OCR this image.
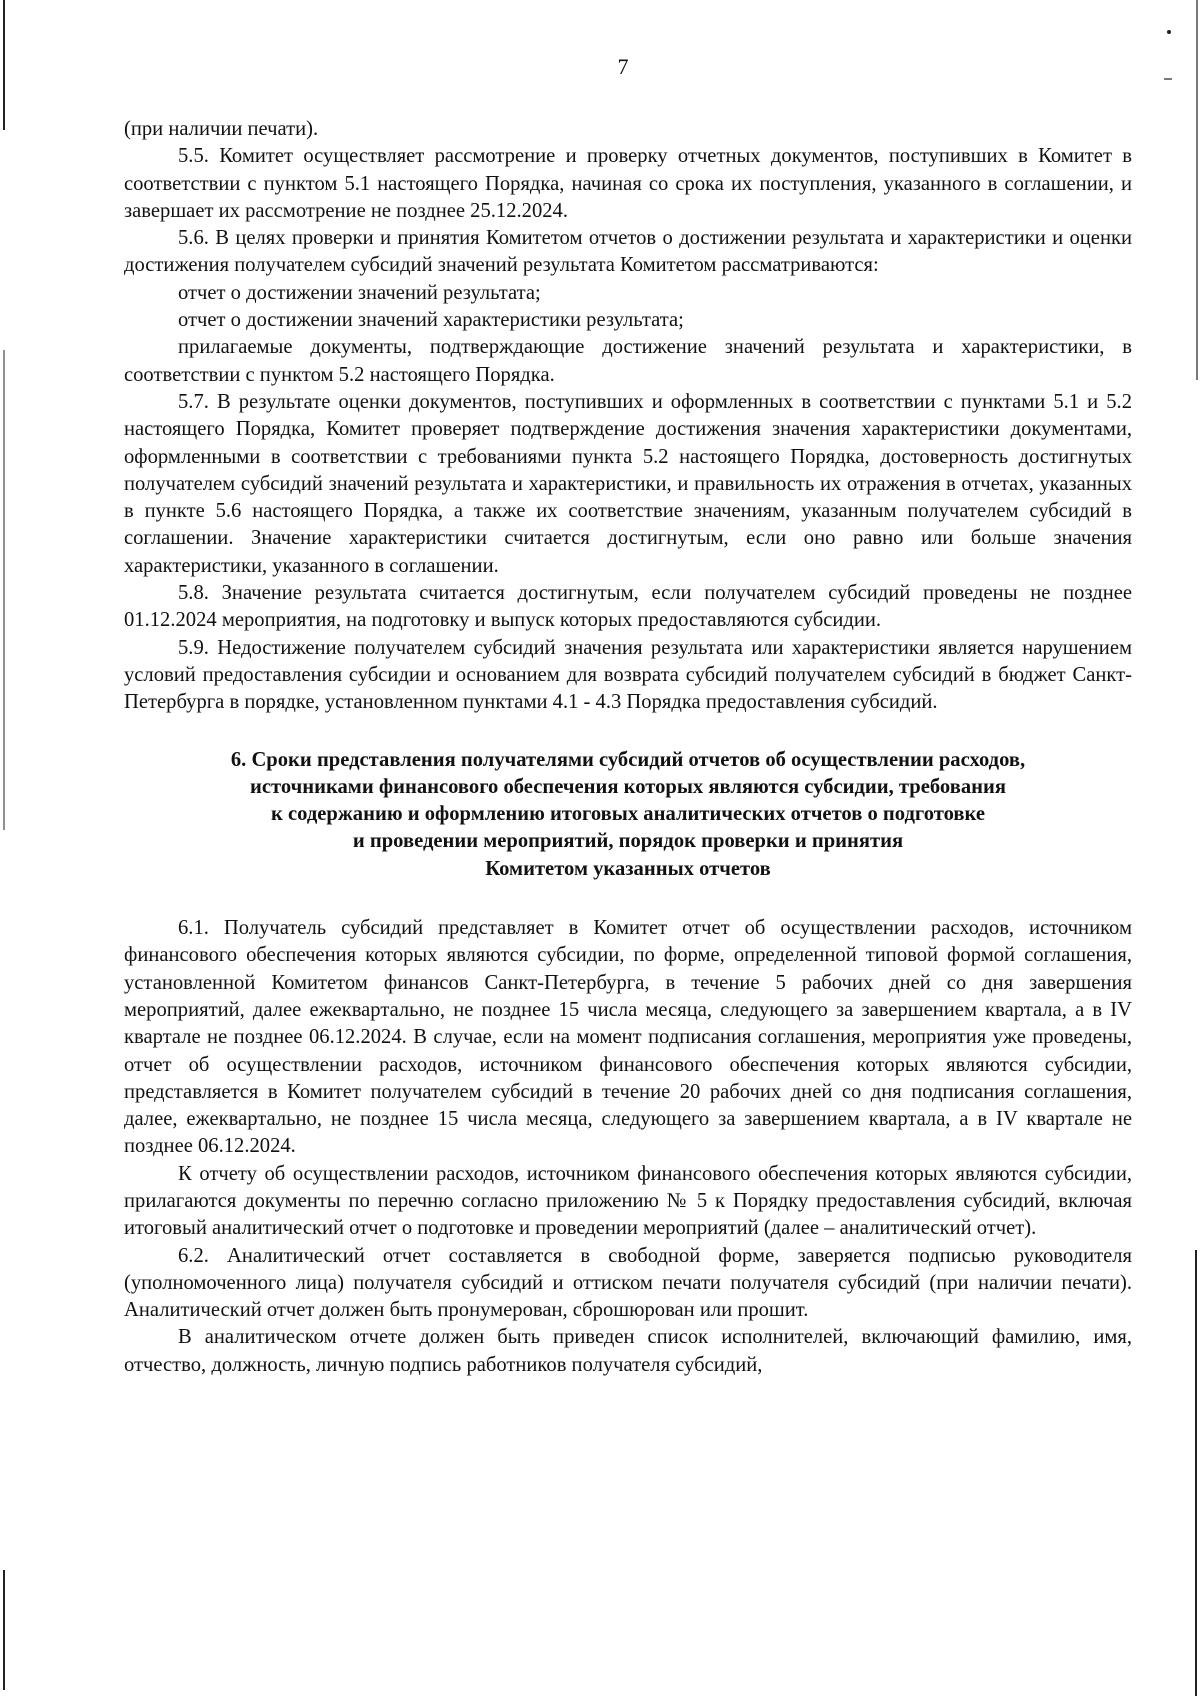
7

(при наличии печати).

5.5. Комитет осуществляет рассмотрение и проверку отчетных документов, поступивших в Комитет в соответствии с пунктом 5.1 настоящего Порядка, начиная со срока их поступления, указанного в соглашении, и завершает их рассмотрение не позднее 25.12.2024.

5.6. В целях проверки и принятия Комитетом отчетов о достижении результата и характеристики и оценки достижения получателем субсидий значений результата Комитетом рассматриваются:

отчет о достижении значений результата;

отчет о достижении значений характеристики результата;

прилагаемые документы, подтверждающие достижение значений результата и характеристики, в соответствии с пунктом 5.2 настоящего Порядка.

5.7. В результате оценки документов, поступивших и оформленных в соответствии с пунктами 5.1 и 5.2 настоящего Порядка, Комитет проверяет подтверждение достижения значения характеристики документами, оформленными в соответствии с требованиями пункта 5.2 настоящего Порядка, достоверность достигнутых получателем субсидий значений результата и характеристики, и правильность их отражения в отчетах, указанных в пункте 5.6 настоящего Порядка, а также их соответствие значениям, указанным получателем субсидий в соглашении. Значение характеристики считается достигнутым, если оно равно или больше значения характеристики, указанного в соглашении.

5.8. Значение результата считается достигнутым, если получателем субсидий проведены не позднее 01.12.2024 мероприятия, на подготовку и выпуск которых предоставляются субсидии.

5.9. Недостижение получателем субсидий значения результата или характеристики является нарушением условий предоставления субсидии и основанием для возврата субсидий получателем субсидий в бюджет Санкт-Петербурга в порядке, установленном пунктами 4.1 - 4.3 Порядка предоставления субсидий.

6. Сроки представления получателями субсидий отчетов об осуществлении расходов,
источниками финансового обеспечения которых являются субсидии, требования
к содержанию и оформлению итоговых аналитических отчетов о подготовке
и проведении мероприятий, порядок проверки и принятия
Комитетом указанных отчетов

6.1. Получатель субсидий представляет в Комитет отчет об осуществлении расходов, источником финансового обеспечения которых являются субсидии, по форме, определенной типовой формой соглашения, установленной Комитетом финансов Санкт-Петербурга, в течение 5 рабочих дней со дня завершения мероприятий, далее ежеквартально, не позднее 15 числа месяца, следующего за завершением квартала, а в IV квартале не позднее 06.12.2024. В случае, если на момент подписания соглашения, мероприятия уже проведены, отчет об осуществлении расходов, источником финансового обеспечения которых являются субсидии, представляется в Комитет получателем субсидий в течение 20 рабочих дней со дня подписания соглашения, далее, ежеквартально, не позднее 15 числа месяца, следующего за завершением квартала, а в IV квартале не позднее 06.12.2024.

К отчету об осуществлении расходов, источником финансового обеспечения которых являются субсидии, прилагаются документы по перечню согласно приложению № 5 к Порядку предоставления субсидий, включая итоговый аналитический отчет о подготовке и проведении мероприятий (далее – аналитический отчет).

6.2. Аналитический отчет составляется в свободной форме, заверяется подписью руководителя (уполномоченного лица) получателя субсидий и оттиском печати получателя субсидий (при наличии печати). Аналитический отчет должен быть пронумерован, сброшюрован или прошит.

В аналитическом отчете должен быть приведен список исполнителей, включающий фамилию, имя, отчество, должность, личную подпись работников получателя субсидий,
